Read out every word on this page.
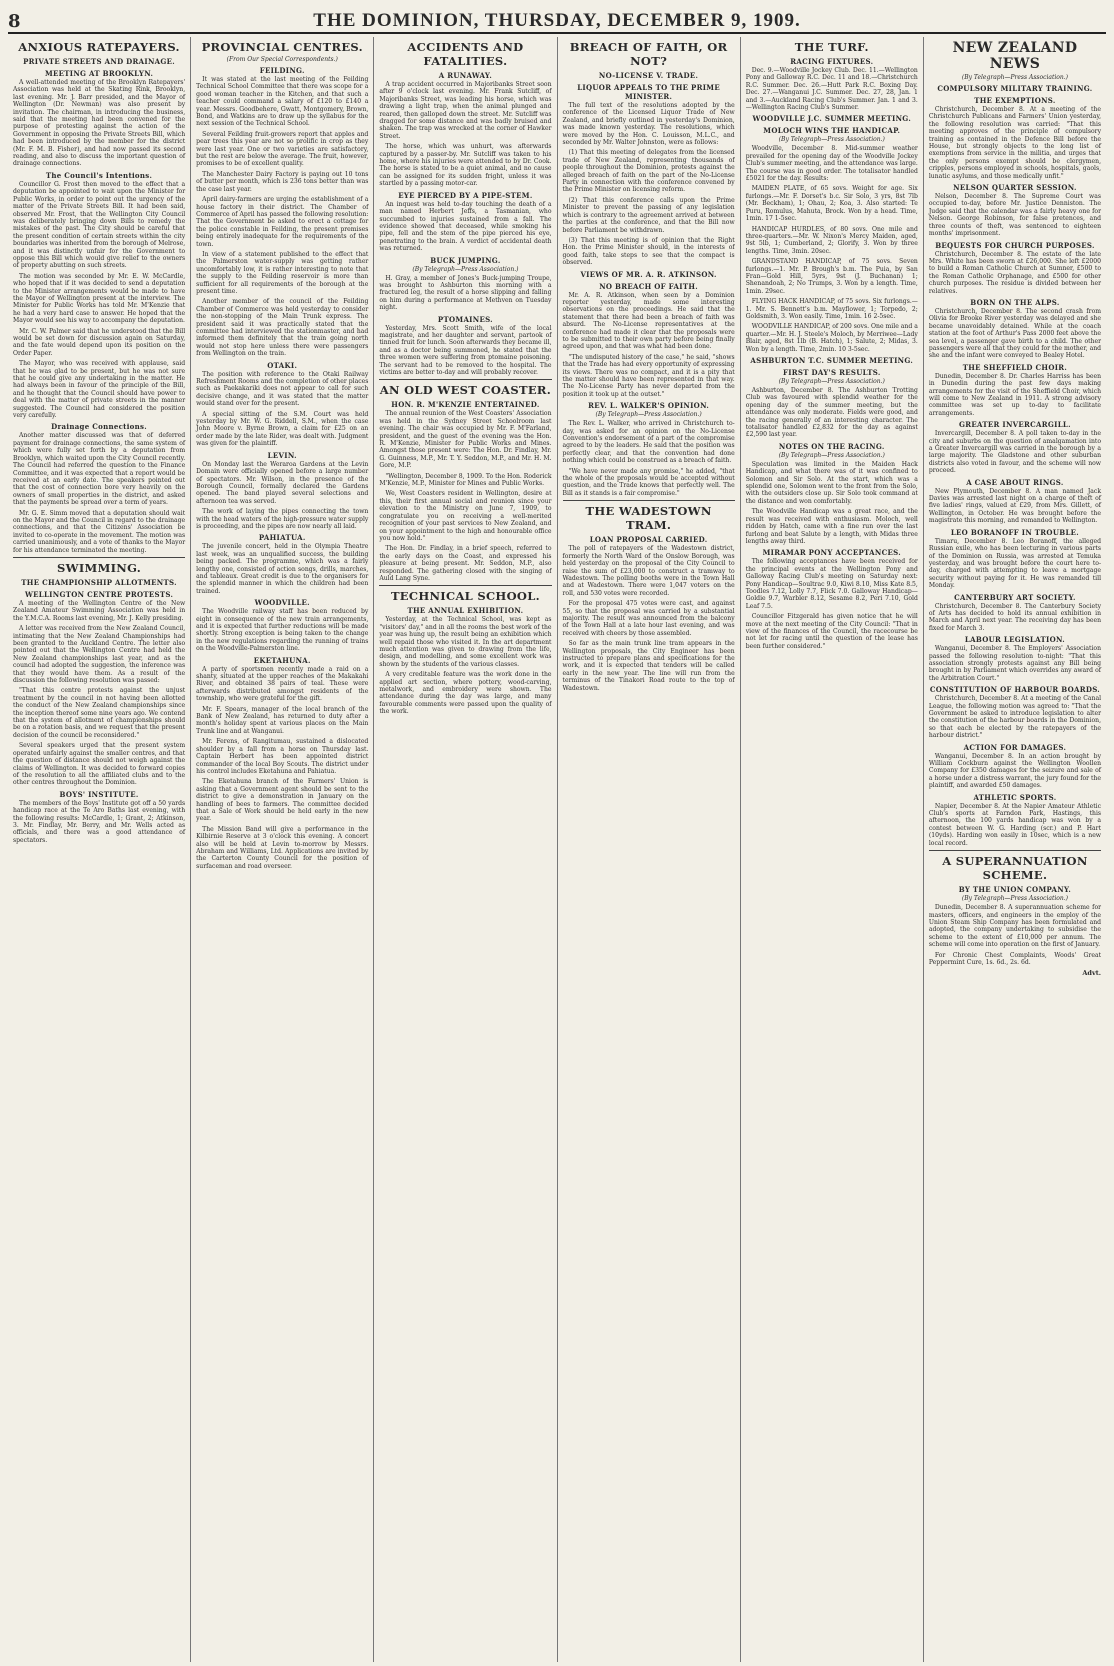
8	THE DOMINION, THURSDAY, DECEMBER 9, 1909.
ANXIOUS RATEPAYERS.
PRIVATE STREETS AND DRAINAGE.
MEETING AT BROOKLYN.
A well-attended meeting of the Brooklyn Ratepayers' Association was held at the Skating Rink, Brooklyn, last evening. Mr. J. Barr presided, and the Mayor of Wellington (Dr. Newman) was also present by invitation. The chairman, in introducing the business, said that the meeting had been convened for the purpose of protesting against the action of the Government in opposing the Private Streets Bill, which had been introduced by the member for the district (Mr. F. M. B. Fisher), and had now passed its second reading, and also to discuss the important question of drainage connections.
The Council's Intentions.
Councillor G. Frost then moved to the effect that a deputation be appointed to wait upon the Minister for Public Works, in order to point out the urgency of the matter of the Private Streets Bill. It had been said, observed Mr. Frost, that the Wellington City Council was deliberately bringing down Bills to remedy the mistakes of the past. The City should be careful that the present condition of certain streets within the city boundaries was inherited from the borough of Melrose, and it was distinctly unfair for the Government to oppose this Bill which would give relief to the owners of property abutting on such streets.
The motion was seconded by Mr. E. W. McCardle, who hoped that if it was decided to send a deputation to the Minister arrangements would be made to have the Mayor of Wellington present at the interview. The Minister for Public Works has told Mr. M'Kenzie that he had a very hard case to answer. He hoped that the Mayor would see his way to accompany the deputation.
Mr. C. W. Palmer said that he understood that the Bill would be set down for discussion again on Saturday, and the fate would depend upon its position on the Order Paper.
The Mayor, who was received with applause, said that he was glad to be present, but he was not sure that he could give any undertaking in the matter. He had always been in favour of the principle of the Bill, and he thought that the Council should have power to deal with the matter of private streets in the manner suggested. The Council had considered the position very carefully.
Drainage Connections.
Another matter discussed was that of deferred payment for drainage connections, the same system of which were fully set forth by a deputation from Brooklyn, which waited upon the City Council recently. The Council had referred the question to the Finance Committee, and it was expected that a report would be received at an early date. The speakers pointed out that the cost of connection bore very heavily on the owners of small properties in the district, and asked that the payments be spread over a term of years.
Mr. G. E. Simm moved that a deputation should wait on the Mayor and the Council in regard to the drainage connections, and that the Citizens' Association be invited to co-operate in the movement. The motion was carried unanimously, and a vote of thanks to the Mayor for his attendance terminated the meeting.
SWIMMING.
THE CHAMPIONSHIP ALLOTMENTS.
WELLINGTON CENTRE PROTESTS.
A meeting of the Wellington Centre of the New Zealand Amateur Swimming Association was held in the Y.M.C.A. Rooms last evening, Mr. J. Kelly presiding.
A letter was received from the New Zealand Council, intimating that the New Zealand Championships had been granted to the Auckland Centre. The letter also pointed out that the Wellington Centre had held the New Zealand championships last year, and as the council had adopted the suggestion, the inference was that they would have them. As a result of the discussion the following resolution was passed:
"That this centre protests against the unjust treatment by the council in not having been allotted the conduct of the New Zealand championships since the inception thereof some nine years ago. We contend that the system of allotment of championships should be on a rotation basis, and we request that the present decision of the council be reconsidered."
Several speakers urged that the present system operated unfairly against the smaller centres, and that the question of distance should not weigh against the claims of Wellington. It was decided to forward copies of the resolution to all the affiliated clubs and to the other centres throughout the Dominion.
BOYS' INSTITUTE.
The members of the Boys' Institute got off a 50 yards handicap race at the Te Aro Baths last evening, with the following results: McCardle, 1; Grant, 2; Atkinson, 3. Mr. Findlay, Mr. Berry, and Mr. Wells acted as officials, and there was a good attendance of spectators.
PROVINCIAL CENTRES.
(From Our Special Correspondents.)
FEILDING.
It was stated at the last meeting of the Feilding Technical School Committee that there was scope for a good woman teacher in the Kitchen, and that such a teacher could command a salary of £120 to £140 a year. Messrs. Goodbehere, Gwatt, Montgomery, Brown, Bond, and Watkins are to draw up the syllabus for the next session of the Technical School.
Several Feilding fruit-growers report that apples and pear trees this year are not so prolific in crop as they were last year. One or two varieties are satisfactory, but the rest are below the average. The fruit, however, promises to be of excellent quality.
The Manchester Dairy Factory is paying out 10 tons of butter per month, which is 236 tons better than was the case last year.
April dairy-farmers are urging the establishment of a house factory in their district. The Chamber of Commerce of April has passed the following resolution: That the Government be asked to erect a cottage for the police constable in Feilding, the present premises being entirely inadequate for the requirements of the town.
In view of a statement published to the effect that the Palmerston water-supply was getting rather uncomfortably low, it is rather interesting to note that the supply to the Feilding reservoir is more than sufficient for all requirements of the borough at the present time.
Another member of the council of the Feilding Chamber of Commerce was held yesterday to consider the non-stopping of the Main Trunk express. The president said it was practically stated that the committee had interviewed the stationmaster, and had informed them definitely that the train going north would not stop here unless there were passengers from Wellington on the train.
OTAKI.
The position with reference to the Otaki Railway Refreshment Rooms and the completion of other places such as Paekakariki does not appear to call for such decisive change, and it was stated that the matter would stand over for the present.
A special sitting of the S.M. Court was held yesterday by Mr. W. G. Riddell, S.M., when the case John Moore v. Byrne Brown, a claim for £25 on an order made by the late Rider, was dealt with. Judgment was given for the plaintiff.
LEVIN.
On Monday last the Weraroa Gardens at the Levin Domain were officially opened before a large number of spectators. Mr. Wilson, in the presence of the Borough Council, formally declared the Gardens opened. The band played several selections and afternoon tea was served.
The work of laying the pipes connecting the town with the head waters of the high-pressure water supply is proceeding, and the pipes are now nearly all laid.
PAHIATUA.
The juvenile concert, held in the Olympia Theatre last week, was an unqualified success, the building being packed. The programme, which was a fairly lengthy one, consisted of action songs, drills, marches, and tableaux. Great credit is due to the organisers for the splendid manner in which the children had been trained.
WOODVILLE.
The Woodville railway staff has been reduced by eight in consequence of the new train arrangements, and it is expected that further reductions will be made shortly. Strong exception is being taken to the change in the new regulations regarding the running of trains on the Woodville-Palmerston line.
EKETAHUNA.
A party of sportsmen recently made a raid on a shanty, situated at the upper reaches of the Makakahi River, and obtained 38 pairs of teal. These were afterwards distributed amongst residents of the township, who were grateful for the gift.
Mr. F. Spears, manager of the local branch of the Bank of New Zealand, has returned to duty after a month's holiday spent at various places on the Main Trunk line and at Wanganui.
Mr. Ferens, of Rangitumau, sustained a dislocated shoulder by a fall from a horse on Thursday last. Captain Herbert has been appointed district commander of the local Boy Scouts. The district under his control includes Eketahuna and Pahiatua.
The Eketahuna branch of the Farmers' Union is asking that a Government agent should be sent to the district to give a demonstration in January on the handling of bees to farmers. The committee decided that a Sale of Work should be held early in the new year.
The Mission Band will give a performance in the Kilbirnie Reserve at 3 o'clock this evening. A concert also will be held at Levin to-morrow by Messrs. Abraham and Williams, Ltd. Applications are invited by the Carterton County Council for the position of surfaceman and road overseer.
ACCIDENTS AND FATALITIES.
A RUNAWAY.
A trap accident occurred in Majoribanks Street soon after 9 o'clock last evening. Mr. Frank Sutcliff, of Majoribanks Street, was leading his horse, which was drawing a light trap, when the animal plunged and reared, then galloped down the street. Mr. Sutcliff was dragged for some distance and was badly bruised and shaken. The trap was wrecked at the corner of Hawker Street.
The horse, which was unhurt, was afterwards captured by a passer-by. Mr. Sutcliff was taken to his home, where his injuries were attended to by Dr. Cook. The horse is stated to be a quiet animal, and no cause can be assigned for its sudden fright, unless it was startled by a passing motor-car.
EYE PIERCED BY A PIPE-STEM.
An inquest was held to-day touching the death of a man named Herbert Jeffs, a Tasmanian, who succumbed to injuries sustained from a fall. The evidence showed that deceased, while smoking his pipe, fell and the stem of the pipe pierced his eye, penetrating to the brain. A verdict of accidental death was returned.
BUCK JUMPING.
(By Telegraph—Press Association.)
H. Gray, a member of Jones's Buck-jumping Troupe, was brought to Ashburton this morning with a fractured leg, the result of a horse slipping and falling on him during a performance at Methven on Tuesday night.
PTOMAINES.
Yesterday, Mrs. Scott Smith, wife of the local magistrate, and her daughter and servant, partook of tinned fruit for lunch. Soon afterwards they became ill, and as a doctor being summoned, he stated that the three women were suffering from ptomaine poisoning. The servant had to be removed to the hospital. The victims are better to-day and will probably recover.
AN OLD WEST COASTER.
HON. R. M'KENZIE ENTERTAINED.
The annual reunion of the West Coasters' Association was held in the Sydney Street Schoolroom last evening. The chair was occupied by Mr. F. M'Farland, president, and the guest of the evening was the Hon. R. M'Kenzie, Minister for Public Works and Mines. Amongst those present were: The Hon. Dr. Findlay, Mr. G. Guinness, M.P., Mr. T. Y. Seddon, M.P., and Mr. H. M. Gore, M.P.
"Wellington, December 8, 1909. To the Hon. Roderick M'Kenzie, M.P., Minister for Mines and Public Works.
We, West Coasters resident in Wellington, desire at this, their first annual social and reunion since your elevation to the Ministry on June 7, 1909, to congratulate you on receiving a well-merited recognition of your past services to New Zealand, and on your appointment to the high and honourable office you now hold."
The Hon. Dr. Findlay, in a brief speech, referred to the early days on the Coast, and expressed his pleasure at being present. Mr. Seddon, M.P., also responded. The gathering closed with the singing of Auld Lang Syne.
TECHNICAL SCHOOL.
THE ANNUAL EXHIBITION.
Yesterday, at the Technical School, was kept as "visitors' day," and in all the rooms the best work of the year was hung up, the result being an exhibition which well repaid those who visited it. In the art department much attention was given to drawing from the life, design, and modelling, and some excellent work was shown by the students of the various classes.
A very creditable feature was the work done in the applied art section, where pottery, wood-carving, metalwork, and embroidery were shown. The attendance during the day was large, and many favourable comments were passed upon the quality of the work.
BREACH OF FAITH, OR NOT?
NO-LICENSE V. TRADE.
LIQUOR APPEALS TO THE PRIME MINISTER.
The full text of the resolutions adopted by the conference of the Licensed Liquor Trade of New Zealand, and briefly outlined in yesterday's Dominion, was made known yesterday. The resolutions, which were moved by the Hon. C. Louisson, M.L.C., and seconded by Mr. Walter Johnston, were as follows:
(1) That this meeting of delegates from the licensed trade of New Zealand, representing thousands of people throughout the Dominion, protests against the alleged breach of faith on the part of the No-License Party in connection with the conference convened by the Prime Minister on licensing reform.
(2) That this conference calls upon the Prime Minister to prevent the passing of any legislation which is contrary to the agreement arrived at between the parties at the conference, and that the Bill now before Parliament be withdrawn.
(3) That this meeting is of opinion that the Right Hon. the Prime Minister should, in the interests of good faith, take steps to see that the compact is observed.
VIEWS OF MR. A. R. ATKINSON.
NO BREACH OF FAITH.
Mr. A. R. Atkinson, when seen by a Dominion reporter yesterday, made some interesting observations on the proceedings. He said that the statement that there had been a breach of faith was absurd. The No-License representatives at the conference had made it clear that the proposals were to be submitted to their own party before being finally agreed upon, and that was what had been done.
"The undisputed history of the case," he said, "shows that the Trade has had every opportunity of expressing its views. There was no compact, and it is a pity that the matter should have been represented in that way. The No-License Party has never departed from the position it took up at the outset."
REV. L. WALKER'S OPINION.
(By Telegraph—Press Association.)
The Rev. L. Walker, who arrived in Christchurch to-day, was asked for an opinion on the No-License Convention's endorsement of a part of the compromise agreed to by the leaders. He said that the position was perfectly clear, and that the convention had done nothing which could be construed as a breach of faith.
"We have never made any promise," he added, "that the whole of the proposals would be accepted without question, and the Trade knows that perfectly well. The Bill as it stands is a fair compromise."
THE WADESTOWN TRAM.
LOAN PROPOSAL CARRIED.
The poll of ratepayers of the Wadestown district, formerly the North Ward of the Onslow Borough, was held yesterday on the proposal of the City Council to raise the sum of £23,000 to construct a tramway to Wadestown. The polling booths were in the Town Hall and at Wadestown. There were 1,047 voters on the roll, and 530 votes were recorded.
For the proposal 475 votes were cast, and against 55, so that the proposal was carried by a substantial majority. The result was announced from the balcony of the Town Hall at a late hour last evening, and was received with cheers by those assembled.
So far as the main trunk line tram appears in the Wellington proposals, the City Engineer has been instructed to prepare plans and specifications for the work, and it is expected that tenders will be called early in the new year. The line will run from the terminus of the Tinakori Road route to the top of Wadestown.
THE TURF.
RACING FIXTURES.
Dec. 9.—Woodville Jockey Club. Dec. 11.—Wellington Pony and Galloway R.C. Dec. 11 and 18.—Christchurch R.C. Summer. Dec. 26.—Hutt Park R.C. Boxing Day. Dec. 27.—Wanganui J.C. Summer. Dec. 27, 28, Jan. 1 and 3.—Auckland Racing Club's Summer. Jan. 1 and 3.—Wellington Racing Club's Summer.
WOODVILLE J.C. SUMMER MEETING.
MOLOCH WINS THE HANDICAP.
(By Telegraph—Press Association.)
Woodville, December 8. Mid-summer weather prevailed for the opening day of the Woodville Jockey Club's summer meeting, and the attendance was large. The course was in good order. The totalisator handled £5021 for the day. Results:
MAIDEN PLATE, of 65 sovs. Weight for age. Six furlongs.—Mr. F. Dorset's b.c. Sir Solo, 3 yrs, 8st 7lb (Mr. Beckham), 1; Ohau, 2; Koa, 3. Also started: Te Puru, Romulus, Mahuta, Brock. Won by a head. Time, 1min. 17 1-5sec.
HANDICAP HURDLES, of 80 sovs. One mile and three-quarters.—Mr. W. Nixon's Mercy Maiden, aged, 9st 5lb, 1; Cumberland, 2; Glorify, 3. Won by three lengths. Time, 3min. 20sec.
GRANDSTAND HANDICAP, of 75 sovs. Seven furlongs.—1. Mr. P. Brough's b.m. The Puia, by San Fran—Gold Hill, 5yrs, 9st (J. Buchanan) 1; Shenandoah, 2; No Trumps, 3. Won by a length. Time, 1min. 29sec.
FLYING HACK HANDICAP, of 75 sovs. Six furlongs.—1. Mr. S. Bennett's b.m. Mayflower, 1; Torpedo, 2; Goldsmith, 3. Won easily. Time, 1min. 16 2-5sec.
WOODVILLE HANDICAP, of 200 sovs. One mile and a quarter.—Mr. H. J. Steele's Moloch, by Merriwee—Lady Blair, aged, 8st 1lb (B. Hatch), 1; Salute, 2; Midas, 3. Won by a length. Time, 2min. 10 3-5sec.
ASHBURTON T.C. SUMMER MEETING.
FIRST DAY'S RESULTS.
(By Telegraph—Press Association.)
Ashburton, December 8. The Ashburton Trotting Club was favoured with splendid weather for the opening day of the summer meeting, but the attendance was only moderate. Fields were good, and the racing generally of an interesting character. The totalisator handled £2,832 for the day as against £2,590 last year.
NOTES ON THE RACING.
(By Telegraph—Press Association.)
Speculation was limited in the Maiden Hack Handicap, and what there was of it was confined to Solomon and Sir Solo. At the start, which was a splendid one, Solomon went to the front from the Solo, with the outsiders close up. Sir Solo took command at the distance and won comfortably.
The Woodville Handicap was a great race, and the result was received with enthusiasm. Moloch, well ridden by Hatch, came with a fine run over the last furlong and beat Salute by a length, with Midas three lengths away third.
MIRAMAR PONY ACCEPTANCES.
The following acceptances have been received for the principal events at the Wellington Pony and Galloway Racing Club's meeting on Saturday next: Pony Handicap—Soultrac 9.0, Kiwi 8.10, Miss Kate 8.5, Toodles 7.12, Lolly 7.7, Flick 7.0. Galloway Handicap—Goldie 9.7, Warbler 8.12, Sesame 8.2, Peri 7.10, Gold Leaf 7.5.
Councillor Fitzgerald has given notice that he will move at the next meeting of the City Council: "That in view of the finances of the Council, the racecourse be not let for racing until the question of the lease has been further considered."
NEW ZEALAND NEWS
(By Telegraph—Press Association.)
COMPULSORY MILITARY TRAINING.
THE EXEMPTIONS.
Christchurch, December 8. At a meeting of the Christchurch Publicans and Farmers' Union yesterday, the following resolution was carried: "That this meeting approves of the principle of compulsory training as contained in the Defence Bill before the House, but strongly objects to the long list of exemptions from service in the militia, and urges that the only persons exempt should be clergymen, cripples, persons employed in schools, hospitals, gaols, lunatic asylums, and those medically unfit."
NELSON QUARTER SESSION.
Nelson, December 8. The Supreme Court was occupied to-day, before Mr. Justice Denniston. The Judge said that the calendar was a fairly heavy one for Nelson. George Robinson, for false pretences, and three counts of theft, was sentenced to eighteen months' imprisonment.
BEQUESTS FOR CHURCH PURPOSES.
Christchurch, December 8. The estate of the late Mrs. White has been sworn at £26,000. She left £2000 to build a Roman Catholic Church at Sumner, £500 to the Roman Catholic Orphanage, and £500 for other church purposes. The residue is divided between her relatives.
BORN ON THE ALPS.
Christchurch, December 8. The second crash from Olivia for Brooke River yesterday was delayed and she became unavoidably detained. While at the coach station at the foot of Arthur's Pass 2000 feet above the sea level, a passenger gave birth to a child. The other passengers were all that they could for the mother, and she and the infant were conveyed to Bealey Hotel.
THE SHEFFIELD CHOIR.
Dunedin, December 8. Dr. Charles Harriss has been in Dunedin during the past few days making arrangements for the visit of the Sheffield Choir, which will come to New Zealand in 1911. A strong advisory committee was set up to-day to facilitate arrangements.
GREATER INVERCARGILL.
Invercargill, December 8. A poll taken to-day in the city and suburbs on the question of amalgamation into a Greater Invercargill was carried in the borough by a large majority. The Gladstone and other suburban districts also voted in favour, and the scheme will now proceed.
A CASE ABOUT RINGS.
New Plymouth, December 8. A man named Jack Davies was arrested last night on a charge of theft of five ladies' rings, valued at £29, from Mrs. Gillett, of Wellington, in October. He was brought before the magistrate this morning, and remanded to Wellington.
LEO BORANOFF IN TROUBLE.
Timaru, December 8. Leo Boranoff, the alleged Russian exile, who has been lecturing in various parts of the Dominion on Russia, was arrested at Temuka yesterday, and was brought before the court here to-day, charged with attempting to leave a mortgage security without paying for it. He was remanded till Monday.
CANTERBURY ART SOCIETY.
Christchurch, December 8. The Canterbury Society of Arts has decided to hold its annual exhibition in March and April next year. The receiving day has been fixed for March 3.
LABOUR LEGISLATION.
Wanganui, December 8. The Employers' Association passed the following resolution to-night: "That this association strongly protests against any Bill being brought in by Parliament which overrides any award of the Arbitration Court."
CONSTITUTION OF HARBOUR BOARDS.
Christchurch, December 8. At a meeting of the Canal League, the following motion was agreed to: "That the Government be asked to introduce legislation to alter the constitution of the harbour boards in the Dominion, so that each be elected by the ratepayers of the harbour district."
ACTION FOR DAMAGES.
Wanganui, December 8. In an action brought by William Cockburn against the Wellington Woollen Company for £350 damages for the seizure and sale of a horse under a distress warrant, the jury found for the plaintiff, and awarded £50 damages.
ATHLETIC SPORTS.
Napier, December 8. At the Napier Amateur Athletic Club's sports at Farndon Park, Hastings, this afternoon, the 100 yards handicap was won by a contest between W. G. Harding (scr.) and P. Hart (10yds). Harding won easily in 10sec, which is a new local record.
A SUPERANNUATION SCHEME.
BY THE UNION COMPANY.
(By Telegraph—Press Association.)
Dunedin, December 8. A superannuation scheme for masters, officers, and engineers in the employ of the Union Steam Ship Company has been formulated and adopted, the company undertaking to subsidise the scheme to the extent of £10,000 per annum. The scheme will come into operation on the first of January.
For Chronic Chest Complaints, Woods' Great Peppermint Cure, 1s. 6d., 2s. 6d.
Advt.
